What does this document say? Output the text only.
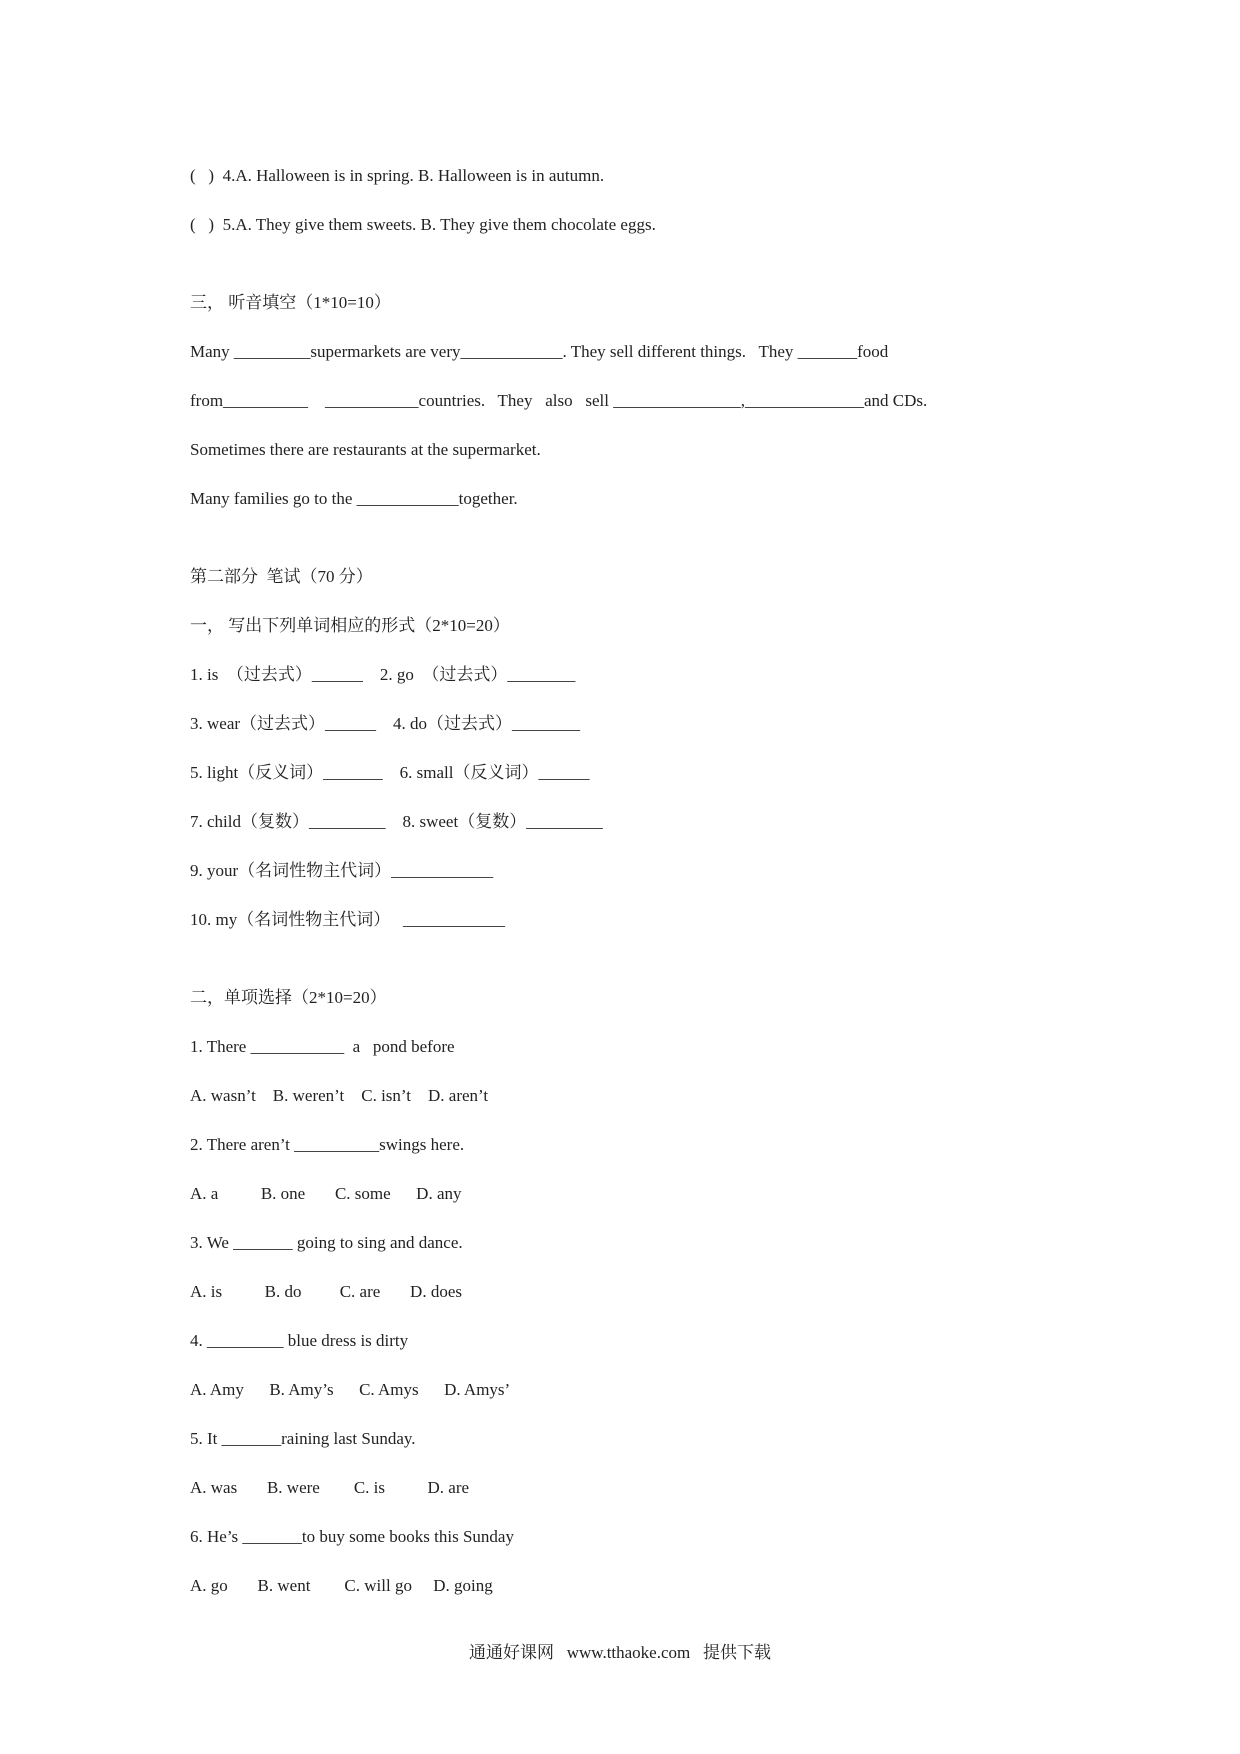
(   )  4.A. Halloween is in spring. B. Halloween is in autumn.
(   )  5.A. They give them sweets. B. They give them chocolate eggs.
三， 听音填空（1*10=10）
Many _________supermarkets are very____________. They sell different things.   They _______food
from__________    ___________countries.   They   also   sell _______________,______________and CDs.
Sometimes there are restaurants at the supermarket.
Many families go to the ____________together.
第二部分  笔试（70 分）
一， 写出下列单词相应的形式（2*10=20）
1. is  （过去式）______    2. go  （过去式）________
3. wear（过去式）______    4. do（过去式）________
5. light（反义词）_______    6. small（反义词）______
7. child（复数）_________    8. sweet（复数）_________
9. your（名词性物主代词）____________
10. my（名词性物主代词）   ____________
二，单项选择（2*10=20）
1. There ___________  a   pond before
A. wasn’t    B. weren’t    C. isn’t    D. aren’t
2. There aren’t __________swings here.
A. a          B. one       C. some      D. any
3. We _______ going to sing and dance.
A. is          B. do         C. are       D. does
4. _________ blue dress is dirty
A. Amy      B. Amy’s      C. Amys      D. Amys’
5. It _______raining last Sunday.
A. was       B. were        C. is          D. are
6. He’s _______to buy some books this Sunday
A. go       B. went        C. will go     D. going
通通好课网   www.tthaoke.com   提供下载
